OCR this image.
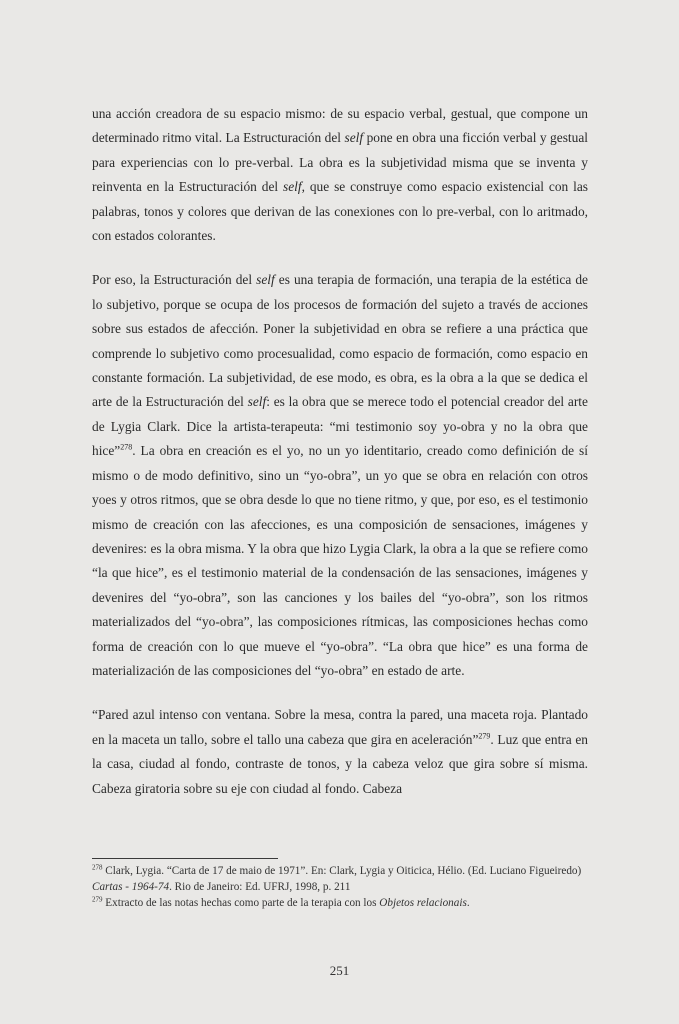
una acción creadora de su espacio mismo: de su espacio verbal, gestual, que compone un determinado ritmo vital. La Estructuración del self pone en obra una ficción verbal y gestual para experiencias con lo pre-verbal. La obra es la subjetividad misma que se inventa y reinventa en la Estructuración del self, que se construye como espacio existencial con las palabras, tonos y colores que derivan de las conexiones con lo pre-verbal, con lo aritmado, con estados colorantes.

Por eso, la Estructuración del self es una terapia de formación, una terapia de la estética de lo subjetivo, porque se ocupa de los procesos de formación del sujeto a través de acciones sobre sus estados de afección. Poner la subjetividad en obra se refiere a una práctica que comprende lo subjetivo como procesualidad, como espacio de formación, como espacio en constante formación. La subjetividad, de ese modo, es obra, es la obra a la que se dedica el arte de la Estructuración del self: es la obra que se merece todo el potencial creador del arte de Lygia Clark. Dice la artista-terapeuta: “mi testimonio soy yo-obra y no la obra que hice”$^{278}$. La obra en creación es el yo, no un yo identitario, creado como definición de sí mismo o de modo definitivo, sino un “yo-obra”, un yo que se obra en relación con otros yoes y otros ritmos, que se obra desde lo que no tiene ritmo, y que, por eso, es el testimonio mismo de creación con las afecciones, es una composición de sensaciones, imágenes y devenires: es la obra misma. Y la obra que hizo Lygia Clark, la obra a la que se refiere como “la que hice”, es el testimonio material de la condensación de las sensaciones, imágenes y devenires del “yo-obra”, son las canciones y los bailes del “yo-obra”, son los ritmos materializados del “yo-obra”, las composiciones rítmicas, las composiciones hechas como forma de creación con lo que mueve el “yo-obra”. “La obra que hice” es una forma de materialización de las composiciones del “yo-obra” en estado de arte.

“Pared azul intenso con ventana. Sobre la mesa, contra la pared, una maceta roja. Plantado en la maceta un tallo, sobre el tallo una cabeza que gira en aceleración”$^{279}$. Luz que entra en la casa, ciudad al fondo, contraste de tonos, y la cabeza veloz que gira sobre sí misma. Cabeza giratoria sobre su eje con ciudad al fondo. Cabeza

$^{278}$ Clark, Lygia. “Carta de 17 de maio de 1971”. En: Clark, Lygia y Oiticica, Hélio. (Ed. Luciano Figueiredo) Cartas - 1964-74. Rio de Janeiro: Ed. UFRJ, 1998, p. 211

$^{279}$ Extracto de las notas hechas como parte de la terapia con los Objetos relacionais.

251
